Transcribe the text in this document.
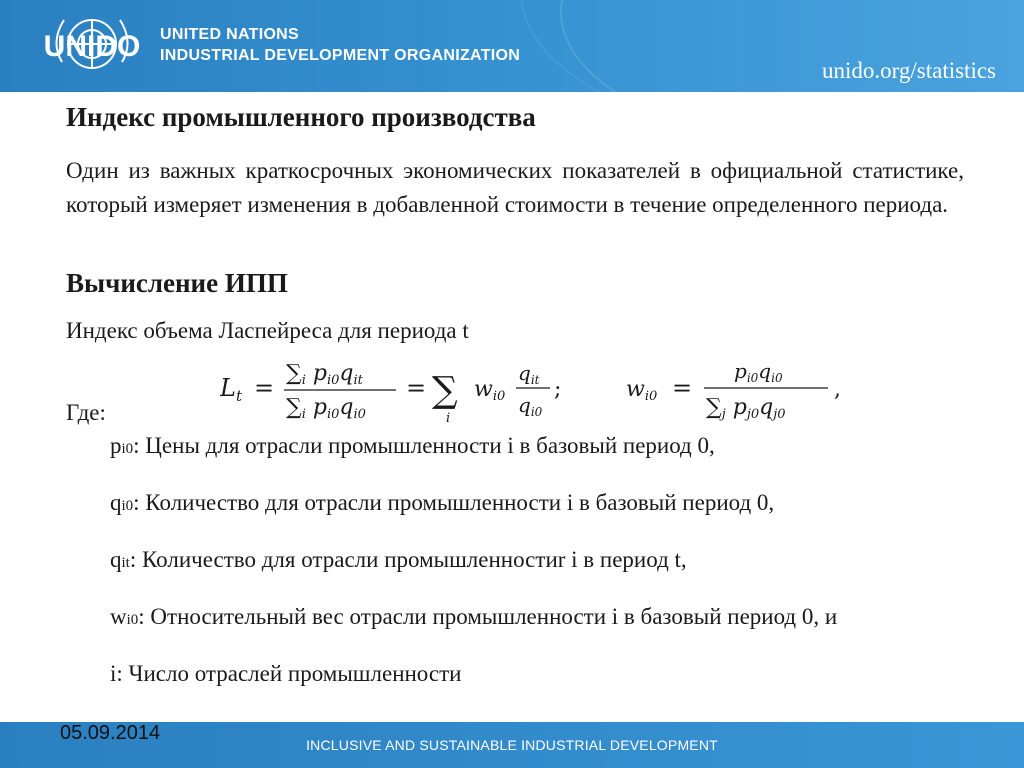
UNIDO UNITED NATIONS
INDUSTRIAL DEVELOPMENT ORGANIZATION
unido.org/statistics
Индекс промышленного производства
Один из важных краткосрочных экономических показателей в официальной статистике, который измеряет изменения в добавленной стоимости в течение определенного периода.
Вычисление ИПП
Индекс объема Ласпейреса для периода t
$L_t$ =
∑i pi0qit
∑i pi0qi0
= ∑
i
wi0
$q_{it}$
$q_{i0}$
;	wi0 =
$p_{i0}q_{i0}$
∑j pj0qj0
,
Где:
pi0: Цены для отрасли промышленности i в базовый период 0,
qi0: Количество для отрасли промышленности i в базовый период 0,
qit: Количество для отрасли промышленностиr i в период t,
wi0: Относительный вес отрасли промышленности i в базовый период 0, и
i: Число отраслей промышленности
INCLUSIVE AND SUSTAINABLE INDUSTRIAL DEVELOPMENT
05.09.2014
